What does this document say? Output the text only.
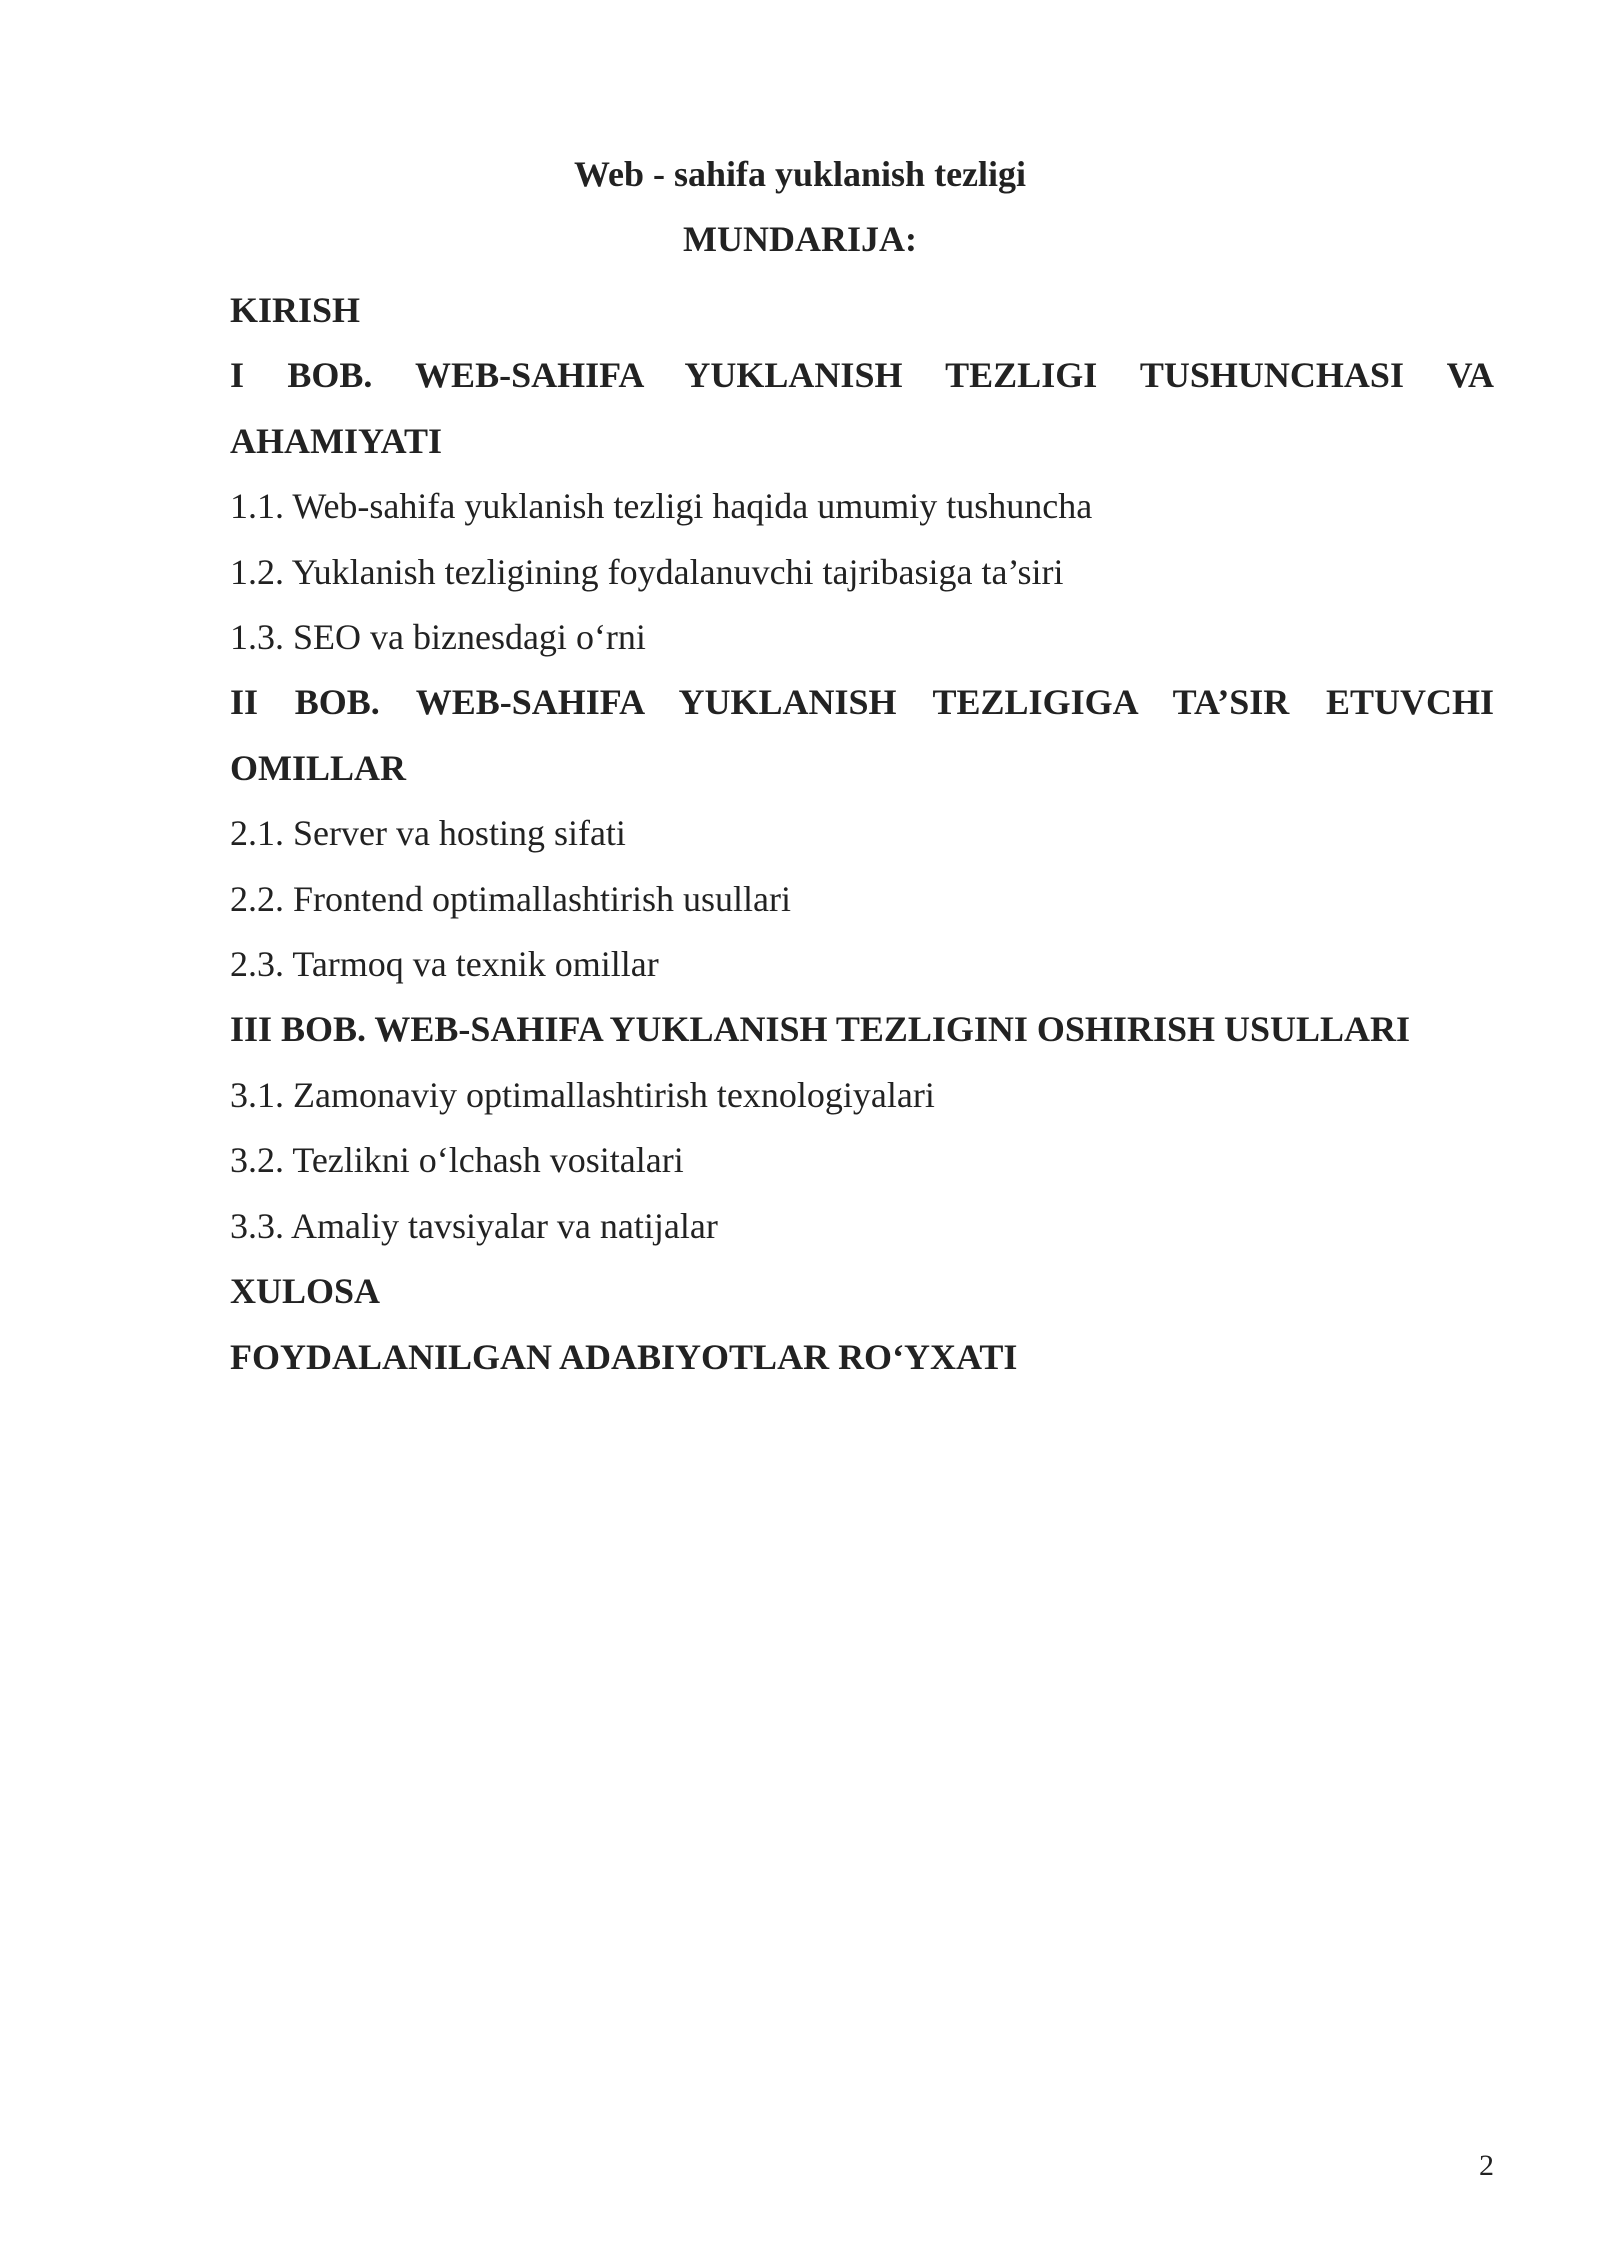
Web - sahifa yuklanish tezligi
MUNDARIJA:
KIRISH
I BOB. WEB-SAHIFA YUKLANISH TEZLIGI TUSHUNCHASI VA AHAMIYATI
1.1. Web-sahifa yuklanish tezligi haqida umumiy tushuncha
1.2. Yuklanish tezligining foydalanuvchi tajribasiga ta’siri
1.3. SEO va biznesdagi o‘rni
II BOB. WEB-SAHIFA YUKLANISH TEZLIGIGA TA’SIR ETUVCHI OMILLAR
2.1. Server va hosting sifati
2.2. Frontend optimallashtirish usullari
2.3. Tarmoq va texnik omillar
III BOB. WEB-SAHIFA YUKLANISH TEZLIGINI OSHIRISH USULLARI
3.1. Zamonaviy optimallashtirish texnologiyalari
3.2. Tezlikni o‘lchash vositalari
3.3. Amaliy tavsiyalar va natijalar
XULOSA
FOYDALANILGAN ADABIYOTLAR RO‘YXATI
2
